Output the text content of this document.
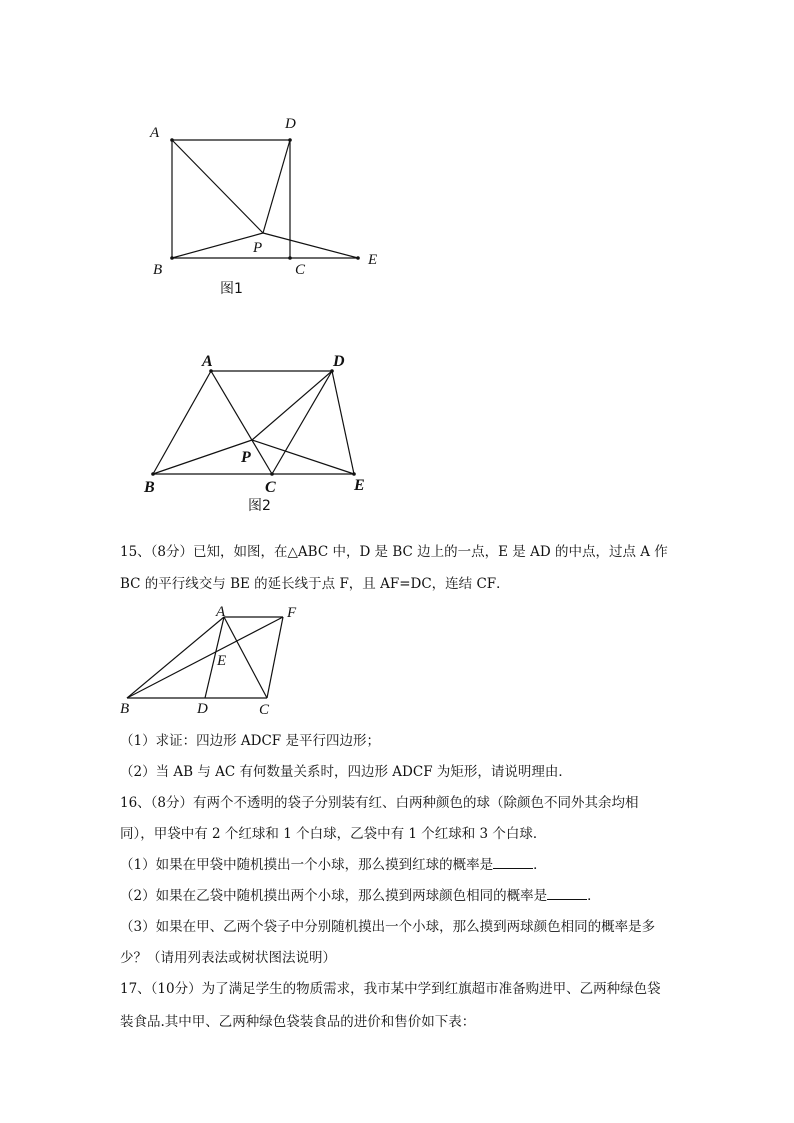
A
D
B
P
C
E
图1
A	D
P
B	C	E
图2
A	F
E
B	D	C
15、（8分）已知，如图，在△ABC 中，D 是 BC 边上的一点，E 是 AD 的中点，过点 A 作
BC 的平行线交与 BE 的延长线于点 F，且 AF=DC，连结 CF．
（1）求证：四边形 ADCF 是平行四边形；
（2）当 AB 与 AC 有何数量关系时，四边形 ADCF 为矩形，请说明理由．
16、（8分）有两个不透明的袋子分别装有红、白两种颜色的球（除颜色不同外其余均相
同），甲袋中有 2 个红球和 1 个白球，乙袋中有 1 个红球和 3 个白球．
（1）如果在甲袋中随机摸出一个小球，那么摸到红球的概率是	．
（2）如果在乙袋中随机摸出两个小球，那么摸到两球颜色相同的概率是	．
（3）如果在甲、乙两个袋子中分别随机摸出一个小球，那么摸到两球颜色相同的概率是多
少？（请用列表法或树状图法说明）
17、（10分）为了满足学生的物质需求，我市某中学到红旗超市准备购进甲、乙两种绿色袋
装食品.其中甲、乙两种绿色袋装食品的进价和售价如下表：
